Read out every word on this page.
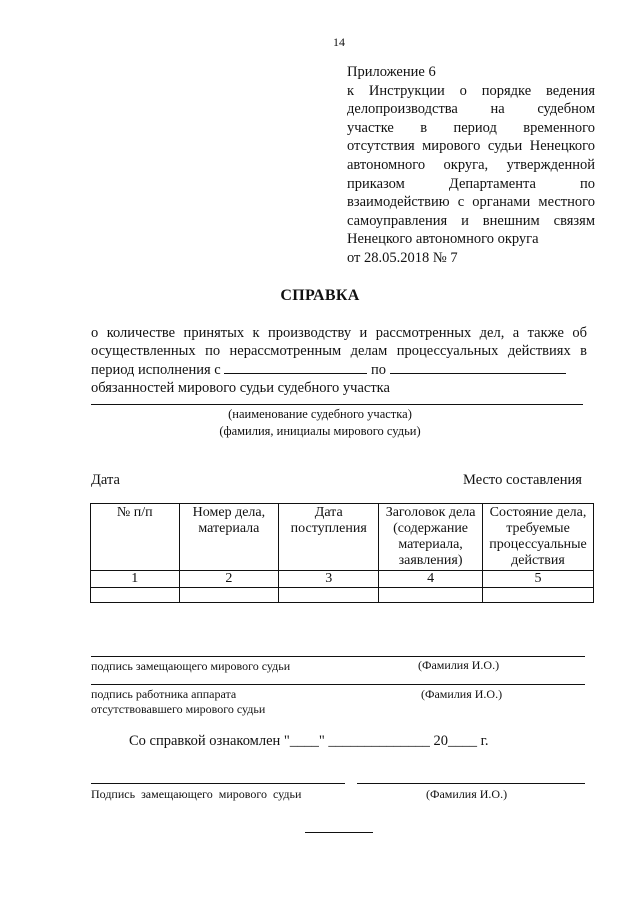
14
Приложение 6
к Инструкции о порядке ведения
делопроизводства на судебном
участке в период временного
отсутствия мирового судьи Ненецкого
автономного округа, утвержденной
приказом Департамента по
взаимодействию с органами местного
самоуправления и внешним связям
Ненецкого автономного округа
от 28.05.2018 № 7
СПРАВКА
о количестве принятых к производству и рассмотренных дел, а также об
осуществленных по нерассмотренным делам процессуальных действиях в
период исполнения с	по
обязанностей мирового судьи судебного участка
(наименование судебного участка)
(фамилия, инициалы мирового судьи)
Дата	Место составления
№ п/п	Номер дела, материала	Дата поступления	Заголовок дела (содержание материала, заявления)	Состояние дела, требуемые процессуальные действия
1	2	3	4	5

подпись замещающего мирового судьи	(Фамилия И.О.)
подпись работника аппарата
отсутствовавшего мирового судьи
(Фамилия И.О.)
Со справкой ознакомлен "____" ______________ 20____ г.
Подпись замещающего мирового судьи	(Фамилия И.О.)
